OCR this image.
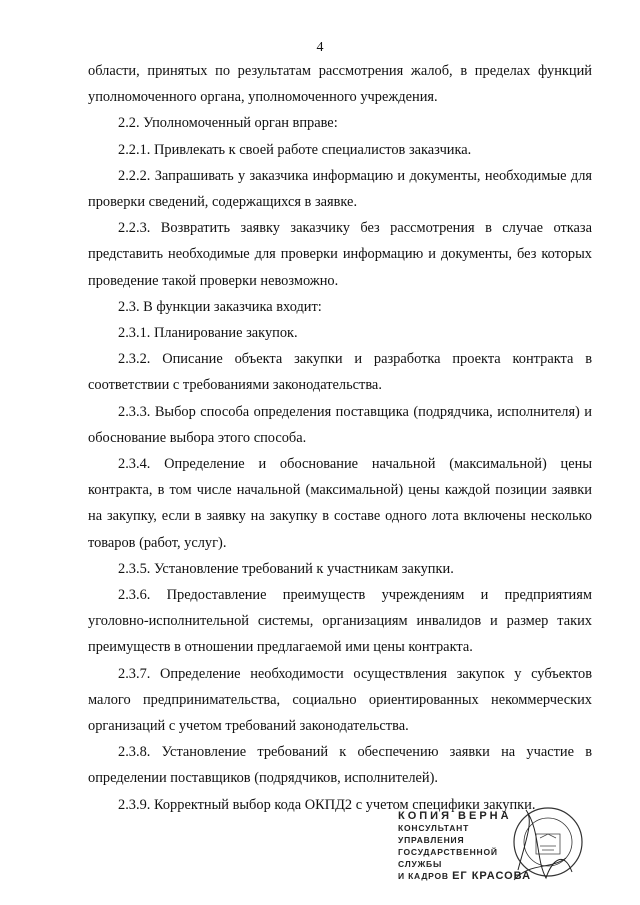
4

области, принятых по результатам рассмотрения жалоб, в пределах функций уполномоченного органа, уполномоченного учреждения.

2.2. Уполномоченный орган вправе:

2.2.1. Привлекать к своей работе специалистов заказчика.

2.2.2. Запрашивать у заказчика информацию и документы, необходимые для проверки сведений, содержащихся в заявке.

2.2.3. Возвратить заявку заказчику без рассмотрения в случае отказа представить необходимые для проверки информацию и документы, без которых проведение такой проверки невозможно.

2.3. В функции заказчика входит:

2.3.1. Планирование закупок.

2.3.2. Описание объекта закупки и разработка проекта контракта в соответствии с требованиями законодательства.

2.3.3. Выбор способа определения поставщика (подрядчика, исполнителя) и обоснование выбора этого способа.

2.3.4. Определение и обоснование начальной (максимальной) цены контракта, в том числе начальной (максимальной) цены каждой позиции заявки на закупку, если в заявку на закупку в составе одного лота включены несколько товаров (работ, услуг).

2.3.5. Установление требований к участникам закупки.

2.3.6. Предоставление преимуществ учреждениям и предприятиям уголовно-исполнительной системы, организациям инвалидов и размер таких преимуществ в отношении предлагаемой ими цены контракта.

2.3.7. Определение необходимости осуществления закупок у субъектов малого предпринимательства, социально ориентированных некоммерческих организаций с учетом требований законодательства.

2.3.8. Установление требований к обеспечению заявки на участие в определении поставщиков (подрядчиков, исполнителей).

2.3.9. Корректный выбор кода ОКПД2 с учетом специфики закупки.

КОПИЯ ВЕРНА
КОНСУЛЬТАНТ УПРАВЛЕНИЯ
ГОСУДАРСТВЕННОЙ СЛУЖБЫ
И КАДРОВ ЕГ КРАСОВА
